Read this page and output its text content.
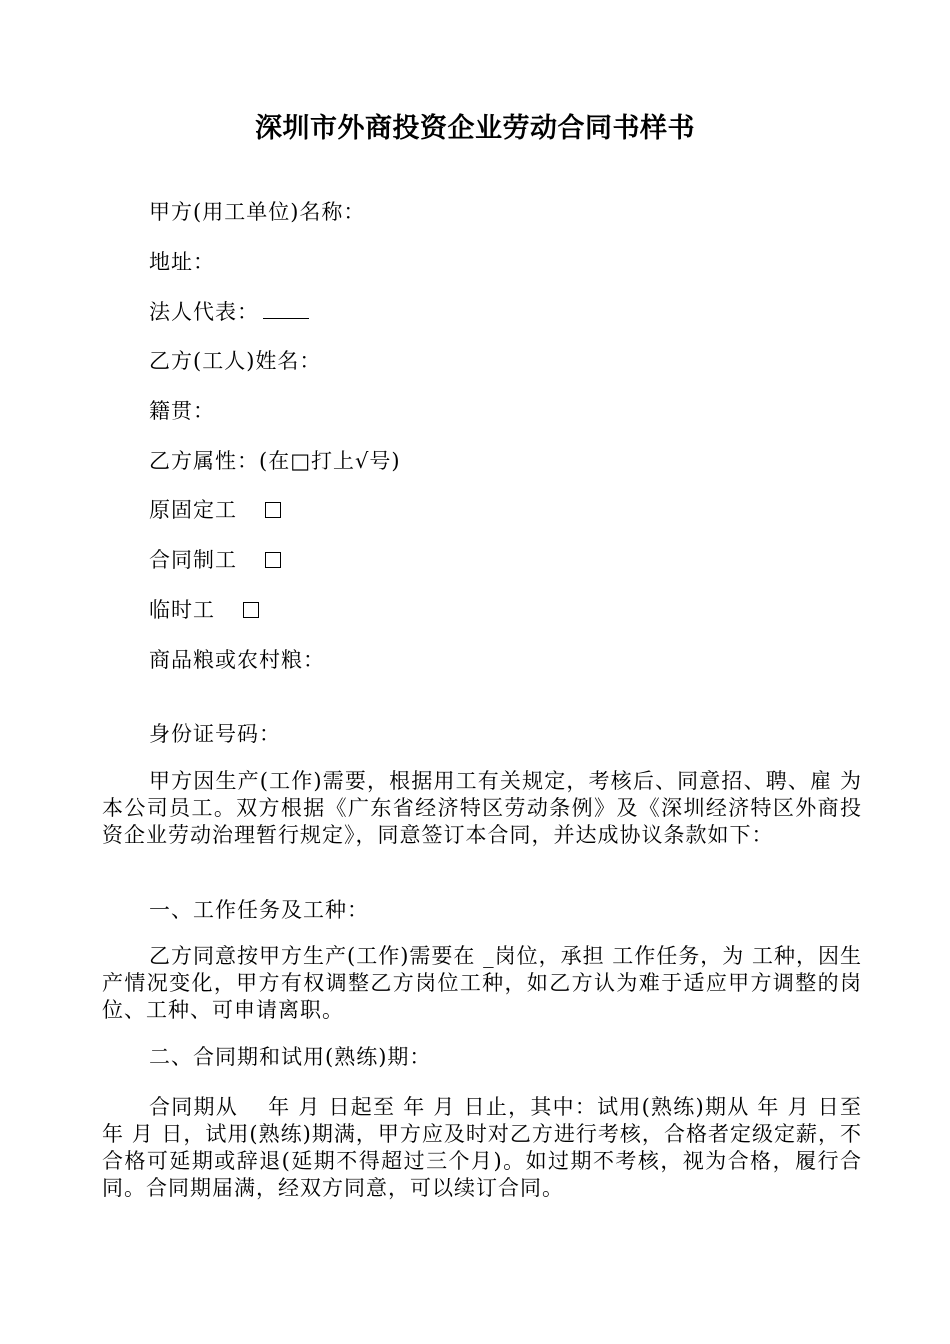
深圳市外商投资企业劳动合同书样书
甲方(用工单位)名称：
地址：
法人代表：
乙方(工人)姓名：
籍贯：
乙方属性：(在□打上√号)
原固定工
合同制工
临时工
商品粮或农村粮：
身份证号码：
甲方因生产(工作)需要，根据用工有关规定，考核后、同意招、聘、雇 为本公司员工。双方根据《广东省经济特区劳动条例》及《深圳经济特区外商投资企业劳动治理暂行规定》，同意签订本合同，并达成协议条款如下：
一、工作任务及工种：
乙方同意按甲方生产(工作)需要在 _岗位，承担 工作任务，为 工种，因生产情况变化，甲方有权调整乙方岗位工种，如乙方认为难于适应甲方调整的岗位、工种、可申请离职。
二、合同期和试用(熟练)期：
合同期从　 年 月 日起至 年 月 日止，其中：试用(熟练)期从 年 月 日至 年 月 日，试用(熟练)期满，甲方应及时对乙方进行考核，合格者定级定薪，不合格可延期或辞退(延期不得超过三个月)。如过期不考核，视为合格，履行合同。合同期届满，经双方同意，可以续订合同。
